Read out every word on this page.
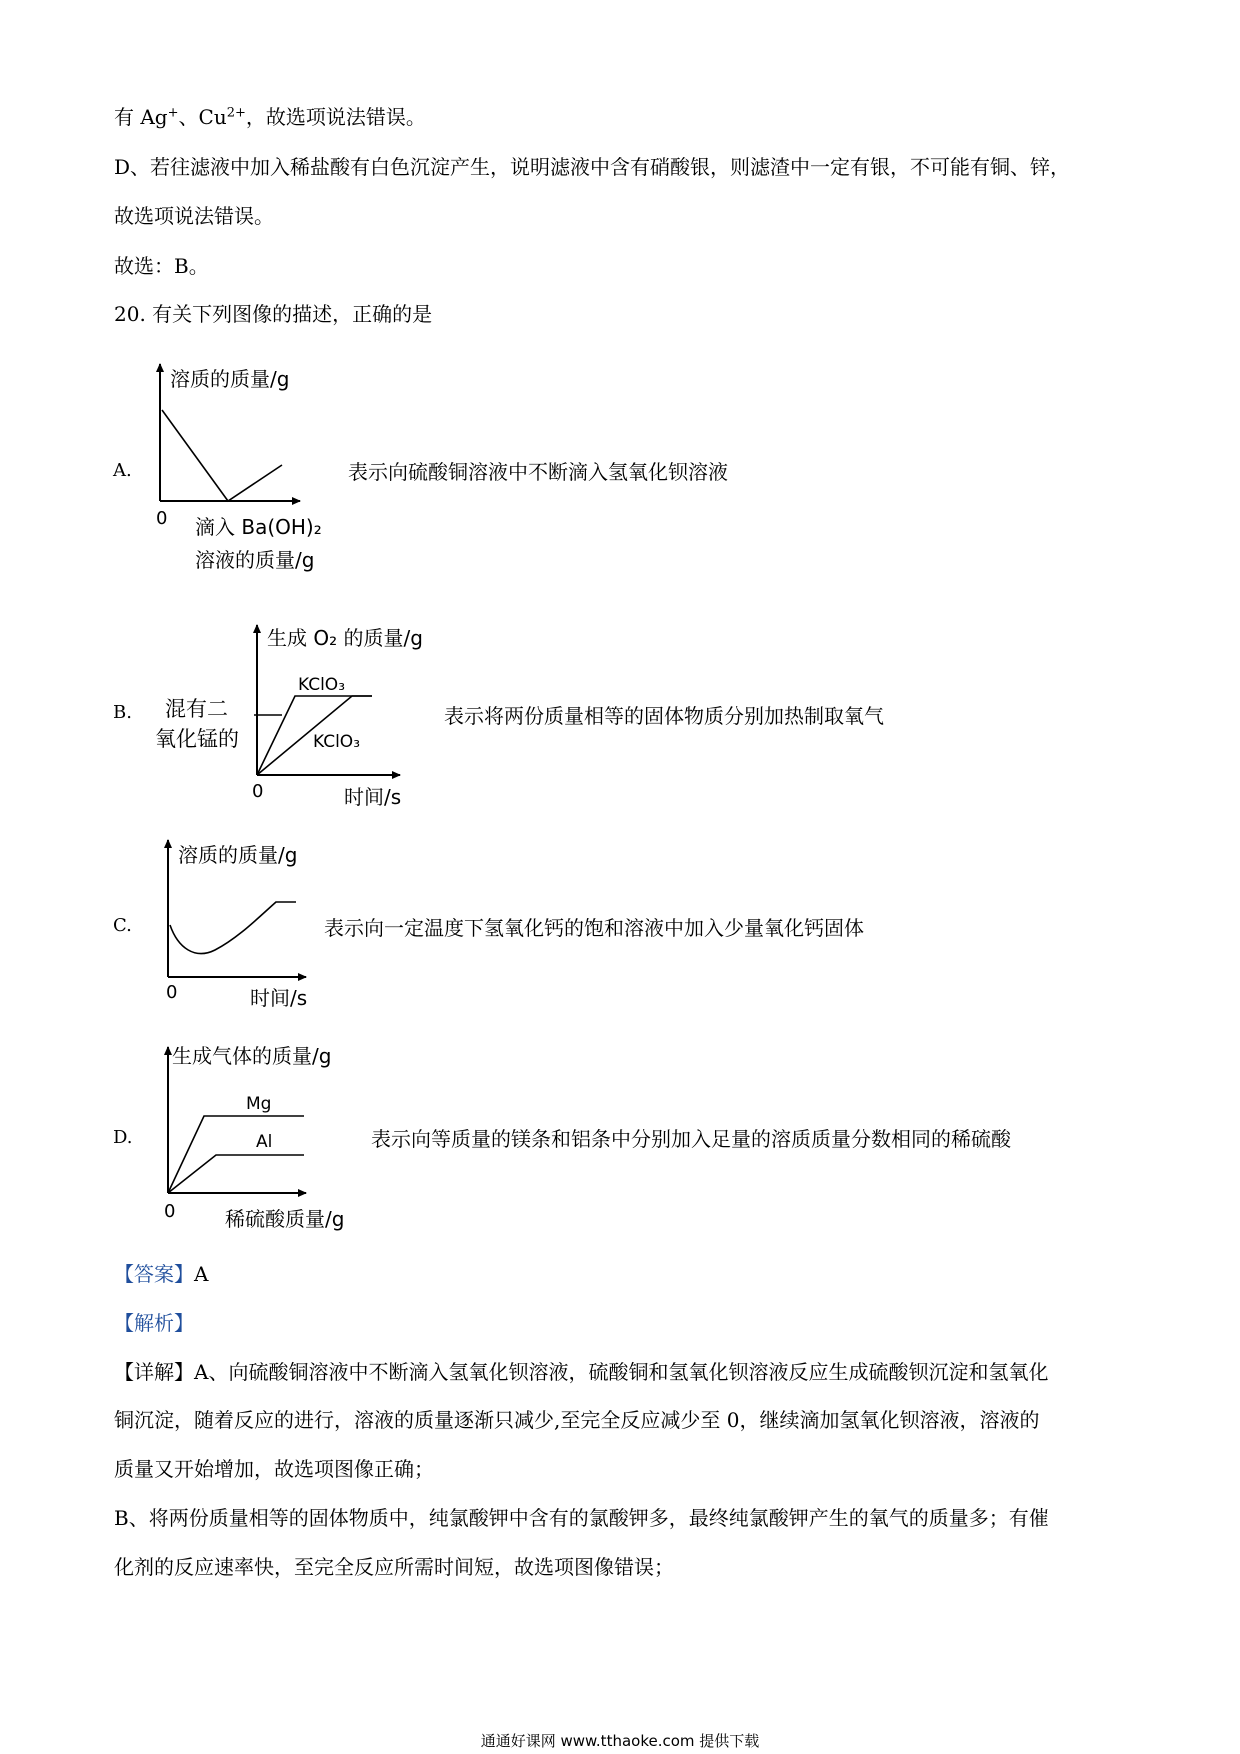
有 Ag+、$Cu^{2+}$，故选项说法错误。
D、若往滤液中加入稀盐酸有白色沉淀产生，说明滤液中含有硝酸银，则滤渣中一定有银，不可能有铜、锌，
故选项说法错误。
故选：B。
20. 有关下列图像的描述，正确的是
A.
B.
C.
D.
表示向硫酸铜溶液中不断滴入氢氧化钡溶液
表示将两份质量相等的固体物质分别加热制取氧气
表示向一定温度下氢氧化钙的饱和溶液中加入少量氧化钙固体
表示向等质量的镁条和铝条中分别加入足量的溶质质量分数相同的稀硫酸
溶质的质量/g
0 滴入 Ba(OH)₂
溶液的质量/g
生成 O₂ 的质量/g
KClO₃
KClO₃
混有二
氧化锰的
0	时间/s
溶质的质量/g
0	时间/s
生成气体的质量/g
Mg
Al
0 稀硫酸质量/g
【答案】A
【解析】
【详解】A、向硫酸铜溶液中不断滴入氢氧化钡溶液，硫酸铜和氢氧化钡溶液反应生成硫酸钡沉淀和氢氧化
铜沉淀，随着反应的进行，溶液的质量逐渐只减少,至完全反应减少至 0，继续滴加氢氧化钡溶液，溶液的
质量又开始增加，故选项图像正确；
B、将两份质量相等的固体物质中，纯氯酸钾中含有的氯酸钾多，最终纯氯酸钾产生的氧气的质量多；有催
化剂的反应速率快，至完全反应所需时间短，故选项图像错误；
通通好课网 www.tthaoke.com 提供下载
